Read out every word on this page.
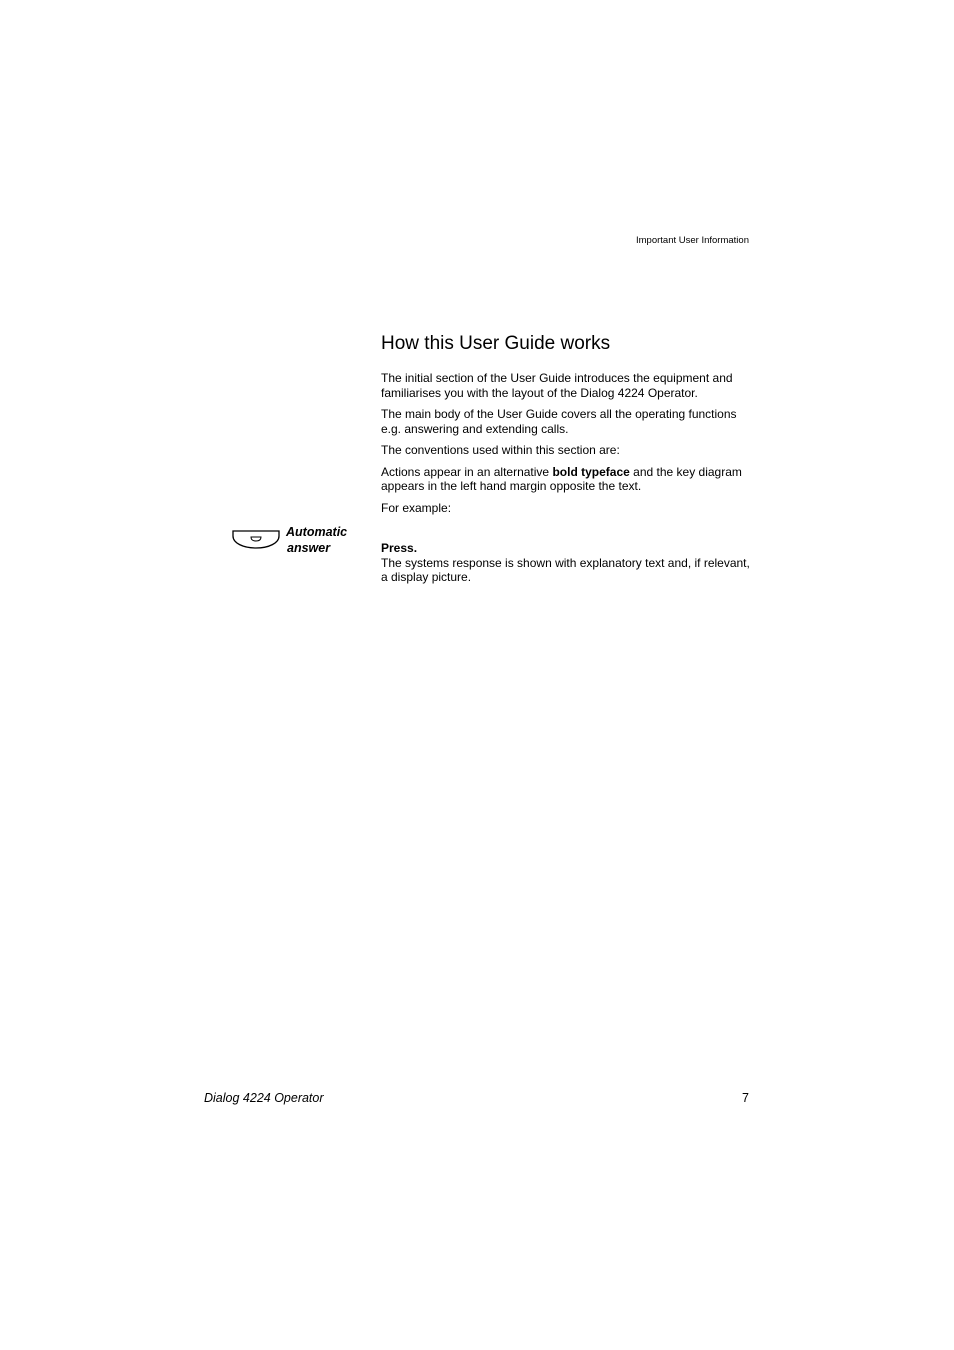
Important User Information
How this User Guide works

The initial section of the User Guide introduces the equipment and familiarises you with the layout of the Dialog 4224 Operator.

The main body of the User Guide covers all the operating functions e.g. answering and extending calls.

The conventions used within this section are:

Actions appear in an alternative bold typeface and the key diagram appears in the left hand margin opposite the text.

For example:

Automatic
answer	Press.
The systems response is shown with explanatory text and, if relevant, a display picture.
Dialog 4224 Operator	7
